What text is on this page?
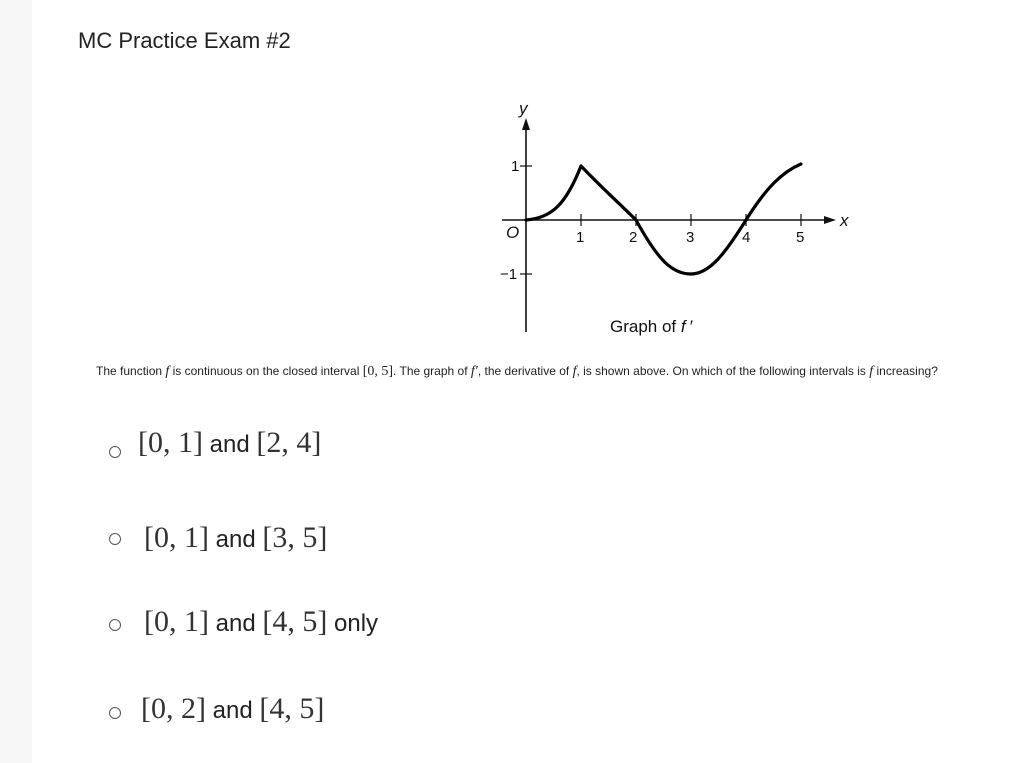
MC Practice Exam #2
y
x
O	1	2	3	4	5
1
−1
Graph of f ′
The function f is continuous on the closed interval [0, 5]. The graph of f′, the derivative of f, is shown above. On which of the following intervals is f increasing?
[0, 1] and [2, 4]
[0, 1] and [3, 5]
[0, 1] and [4, 5] only
[0, 2] and [4, 5]
